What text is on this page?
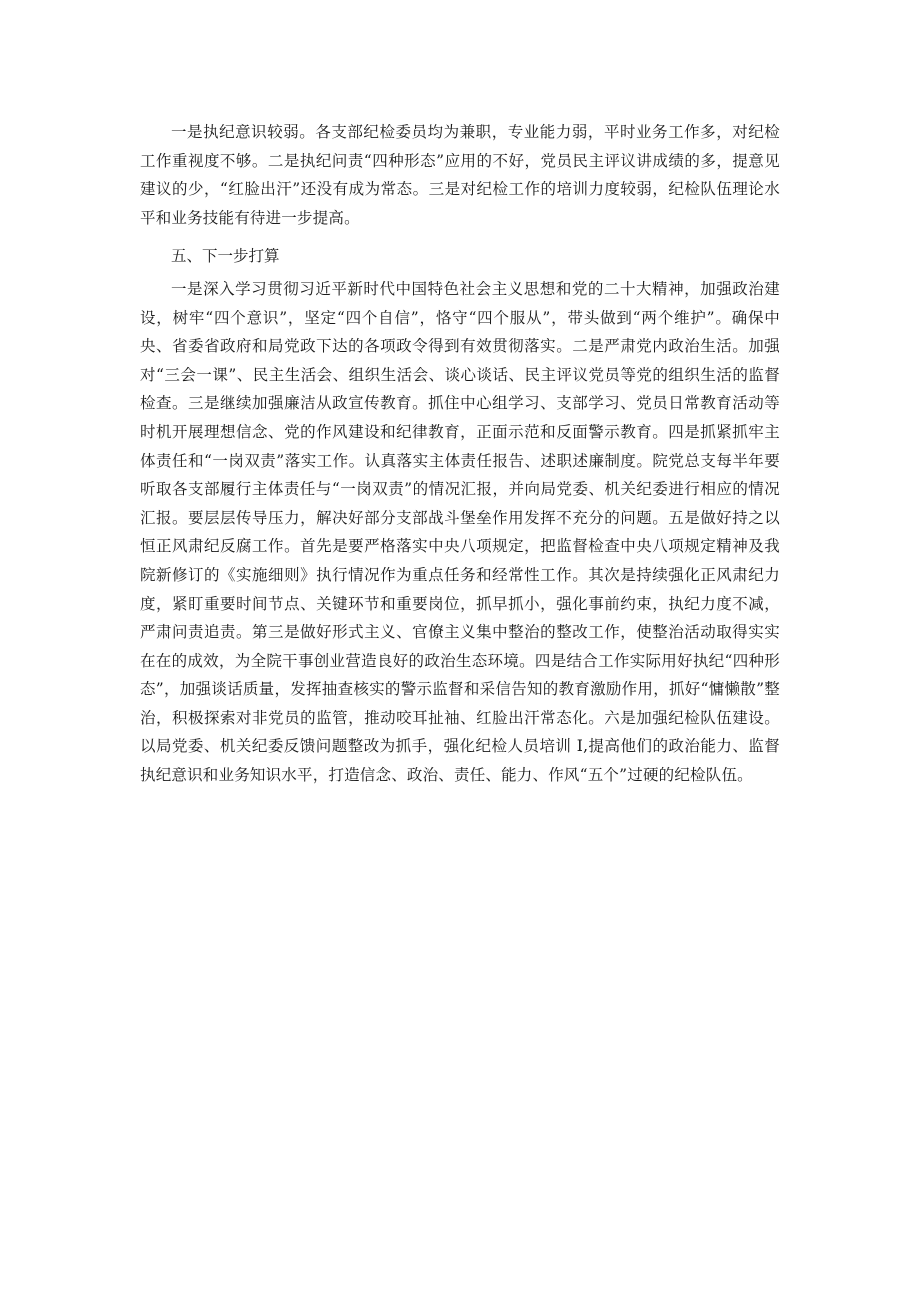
一是执纪意识较弱。各支部纪检委员均为兼职，专业能力弱，平时业务工作多，对纪检工作重视度不够。二是执纪问责“四种形态”应用的不好，党员民主评议讲成绩的多，提意见建议的少，“红脸出汗”还没有成为常态。三是对纪检工作的培训力度较弱，纪检队伍理论水平和业务技能有待进一步提高。

五、下一步打算

一是深入学习贯彻习近平新时代中国特色社会主义思想和党的二十大精神，加强政治建设，树牢“四个意识”，坚定“四个自信”，恪守“四个服从”，带头做到“两个维护”。确保中央、省委省政府和局党政下达的各项政令得到有效贯彻落实。二是严肃党内政治生活。加强对“三会一课”、民主生活会、组织生活会、谈心谈话、民主评议党员等党的组织生活的监督检查。三是继续加强廉洁从政宣传教育。抓住中心组学习、支部学习、党员日常教育活动等时机开展理想信念、党的作风建设和纪律教育，正面示范和反面警示教育。四是抓紧抓牢主体责任和“一岗双责”落实工作。认真落实主体责任报告、述职述廉制度。院党总支每半年要听取各支部履行主体责任与“一岗双责”的情况汇报，并向局党委、机关纪委进行相应的情况汇报。要层层传导压力，解决好部分支部战斗堡垒作用发挥不充分的问题。五是做好持之以恒正风肃纪反腐工作。首先是要严格落实中央八项规定，把监督检查中央八项规定精神及我院新修订的《实施细则》执行情况作为重点任务和经常性工作。其次是持续强化正风肃纪力度，紧盯重要时间节点、关键环节和重要岗位，抓早抓小，强化事前约束，执纪力度不减，严肃问责追责。第三是做好形式主义、官僚主义集中整治的整改工作，使整治活动取得实实在在的成效，为全院干事创业营造良好的政治生态环境。四是结合工作实际用好执纪“四种形态”，加强谈话质量，发挥抽查核实的警示监督和采信告知的教育激励作用，抓好“慵懒散”整治，积极探索对非党员的监管，推动咬耳扯袖、红脸出汗常态化。六是加强纪检队伍建设。以局党委、机关纪委反馈问题整改为抓手，强化纪检人员培训 I,提高他们的政治能力、监督执纪意识和业务知识水平，打造信念、政治、责任、能力、作风“五个”过硬的纪检队伍。
